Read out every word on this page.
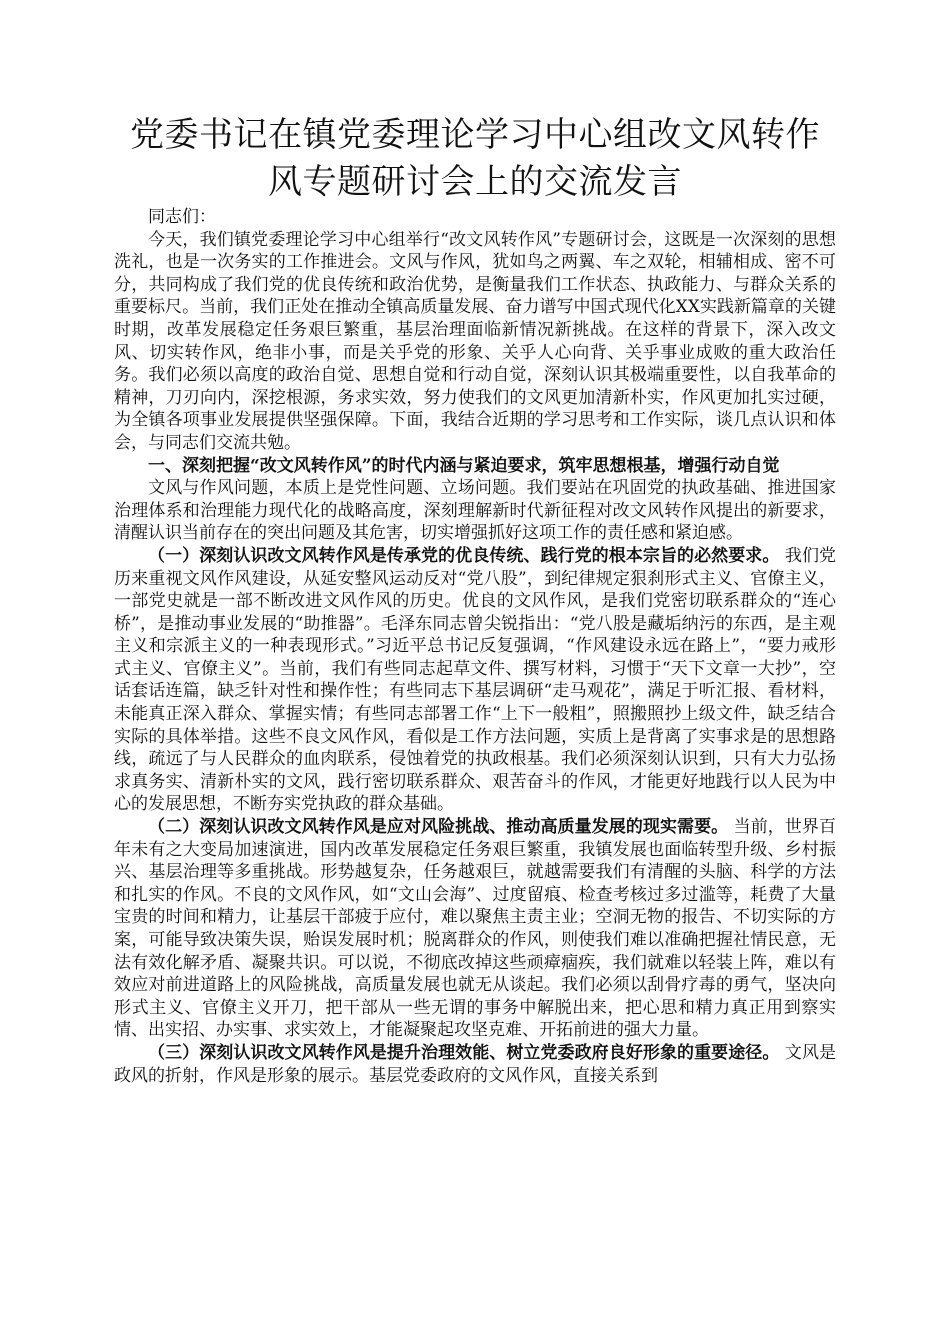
党委书记在镇党委理论学习中心组改文风转作风专题研讨会上的交流发言

同志们：

今天，我们镇党委理论学习中心组举行“改文风转作风”专题研讨会，这既是一次深刻的思想洗礼，也是一次务实的工作推进会。文风与作风，犹如鸟之两翼、车之双轮，相辅相成、密不可分，共同构成了我们党的优良传统和政治优势，是衡量我们工作状态、执政能力、与群众关系的重要标尺。当前，我们正处在推动全镇高质量发展、奋力谱写中国式现代化XX实践新篇章的关键时期，改革发展稳定任务艰巨繁重，基层治理面临新情况新挑战。在这样的背景下，深入改文风、切实转作风，绝非小事，而是关乎党的形象、关乎人心向背、关乎事业成败的重大政治任务。我们必须以高度的政治自觉、思想自觉和行动自觉，深刻认识其极端重要性，以自我革命的精神，刀刃向内，深挖根源，务求实效，努力使我们的文风更加清新朴实，作风更加扎实过硬，为全镇各项事业发展提供坚强保障。下面，我结合近期的学习思考和工作实际，谈几点认识和体会，与同志们交流共勉。

一、深刻把握“改文风转作风”的时代内涵与紧迫要求，筑牢思想根基，增强行动自觉

文风与作风问题，本质上是党性问题、立场问题。我们要站在巩固党的执政基础、推进国家治理体系和治理能力现代化的战略高度，深刻理解新时代新征程对改文风转作风提出的新要求，清醒认识当前存在的突出问题及其危害，切实增强抓好这项工作的责任感和紧迫感。

（一）深刻认识改文风转作风是传承党的优良传统、践行党的根本宗旨的必然要求。 我们党历来重视文风作风建设，从延安整风运动反对“党八股”，到纪律规定狠刹形式主义、官僚主义，一部党史就是一部不断改进文风作风的历史。优良的文风作风，是我们党密切联系群众的“连心桥”，是推动事业发展的“助推器”。毛泽东同志曾尖锐指出：“党八股是藏垢纳污的东西，是主观主义和宗派主义的一种表现形式。”习近平总书记反复强调，“作风建设永远在路上”，“要力戒形式主义、官僚主义”。当前，我们有些同志起草文件、撰写材料，习惯于“天下文章一大抄”，空话套话连篇，缺乏针对性和操作性；有些同志下基层调研“走马观花”，满足于听汇报、看材料，未能真正深入群众、掌握实情；有些同志部署工作“上下一般粗”，照搬照抄上级文件，缺乏结合实际的具体举措。这些不良文风作风，看似是工作方法问题，实质上是背离了实事求是的思想路线，疏远了与人民群众的血肉联系，侵蚀着党的执政根基。我们必须深刻认识到，只有大力弘扬求真务实、清新朴实的文风，践行密切联系群众、艰苦奋斗的作风，才能更好地践行以人民为中心的发展思想，不断夯实党执政的群众基础。

（二）深刻认识改文风转作风是应对风险挑战、推动高质量发展的现实需要。 当前，世界百年未有之大变局加速演进，国内改革发展稳定任务艰巨繁重，我镇发展也面临转型升级、乡村振兴、基层治理等多重挑战。形势越复杂，任务越艰巨，就越需要我们有清醒的头脑、科学的方法和扎实的作风。不良的文风作风，如“文山会海”、过度留痕、检查考核过多过滥等，耗费了大量宝贵的时间和精力，让基层干部疲于应付，难以聚焦主责主业；空洞无物的报告、不切实际的方案，可能导致决策失误，贻误发展时机；脱离群众的作风，则使我们难以准确把握社情民意，无法有效化解矛盾、凝聚共识。可以说，不彻底改掉这些顽瘴痼疾，我们就难以轻装上阵，难以有效应对前进道路上的风险挑战，高质量发展也就无从谈起。我们必须以刮骨疗毒的勇气，坚决向形式主义、官僚主义开刀，把干部从一些无谓的事务中解脱出来，把心思和精力真正用到察实情、出实招、办实事、求实效上，才能凝聚起攻坚克难、开拓前进的强大力量。

（三）深刻认识改文风转作风是提升治理效能、树立党委政府良好形象的重要途径。 文风是政风的折射，作风是形象的展示。基层党委政府的文风作风，直接关系到
